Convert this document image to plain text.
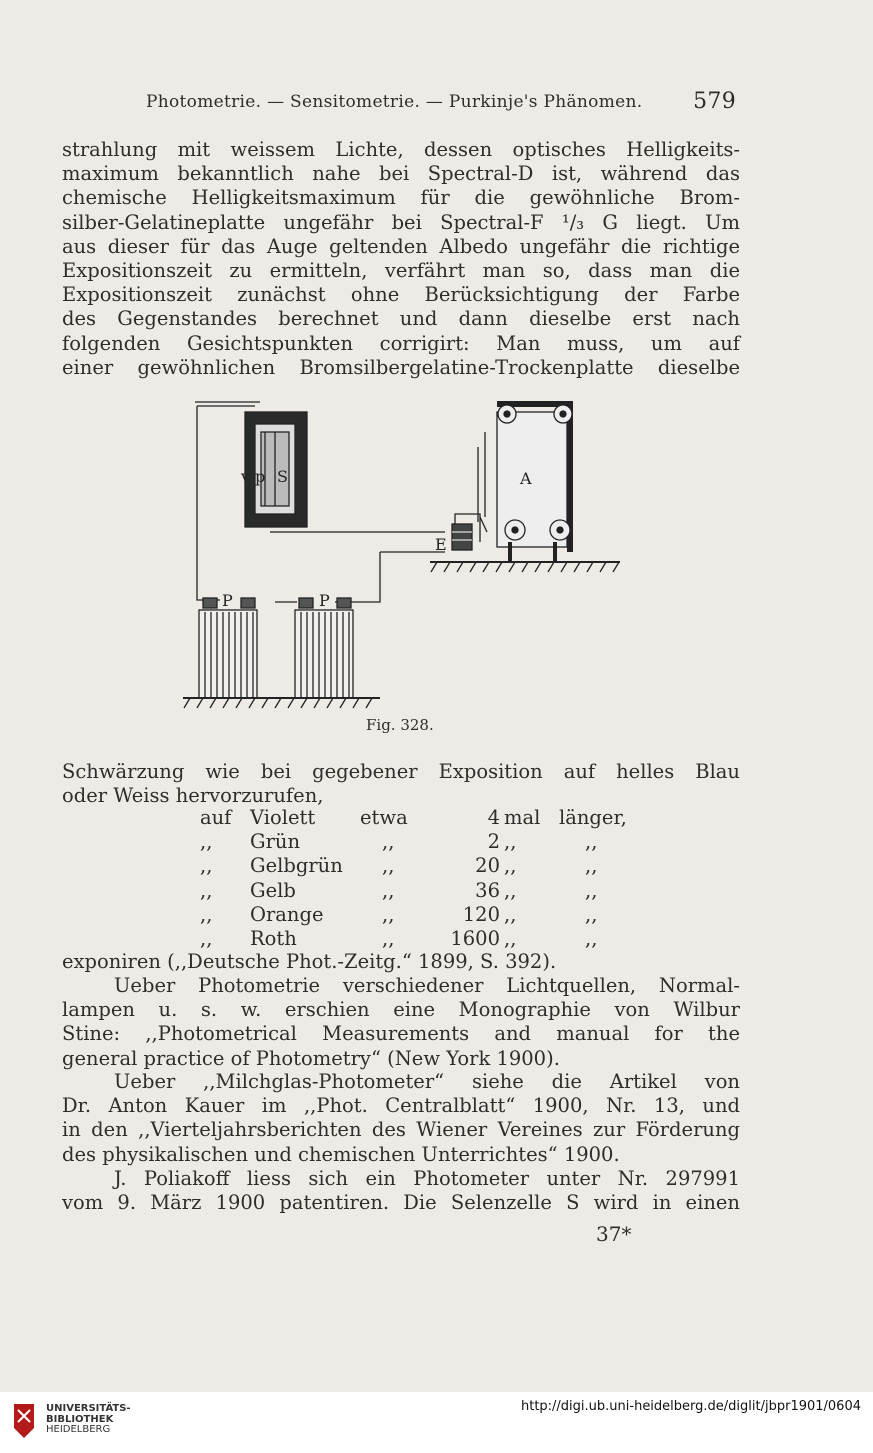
Photometrie. — Sensitometrie. — Purkinje's Phänomen. 579
strahlung mit weissem Lichte, dessen optisches Helligkeits-
maximum bekanntlich nahe bei Spectral-D ist, während das
chemische Helligkeitsmaximum für die gewöhnliche Brom-
silber-Gelatineplatte ungefähr bei Spectral-F ¹/₃ G liegt. Um
aus dieser für das Auge geltenden Albedo ungefähr die richtige
Expositionszeit zu ermitteln, verfährt man so, dass man die
Expositionszeit zunächst ohne Berücksichtigung der Farbe
des Gegenstandes berechnet und dann dieselbe erst nach
folgenden Gesichtspunkten corrigirt: Man muss, um auf
einer gewöhnlichen Bromsilbergelatine-Trockenplatte dieselbe
v p S	A
E
P	P
Fig. 328.
Schwärzung wie bei gegebener Exposition auf helles Blau
oder Weiss hervorzurufen,
auf	Violett	etwa	4	mal	länger,
,,	Grün	,,	2	,,	,,
,,	Gelbgrün	,,	20	,,	,,
,,	Gelb	,,	36	,,	,,
,,	Orange	,,	120	,,	,,
,,	Roth	,,	1600	,,	,,
exponiren (,,Deutsche Phot.-Zeitg.“ 1899, S. 392).
Ueber Photometrie verschiedener Lichtquellen, Normal-
lampen u. s. w. erschien eine Monographie von Wilbur
Stine: ,,Photometrical Measurements and manual for the
general practice of Photometry“ (New York 1900).
Ueber ,,Milchglas-Photometer“ siehe die Artikel von
Dr. Anton Kauer im ,,Phot. Centralblatt“ 1900, Nr. 13, und
in den ,,Vierteljahrsberichten des Wiener Vereines zur Förderung
des physikalischen und chemischen Unterrichtes“ 1900.
J. Poliakoff liess sich ein Photometer unter Nr. 297991
vom 9. März 1900 patentiren. Die Selenzelle S wird in einen
37*
UNIVERSITÄTS-
BIBLIOTHEK
HEIDELBERG
http://digi.ub.uni-heidelberg.de/diglit/jbpr1901/0604
